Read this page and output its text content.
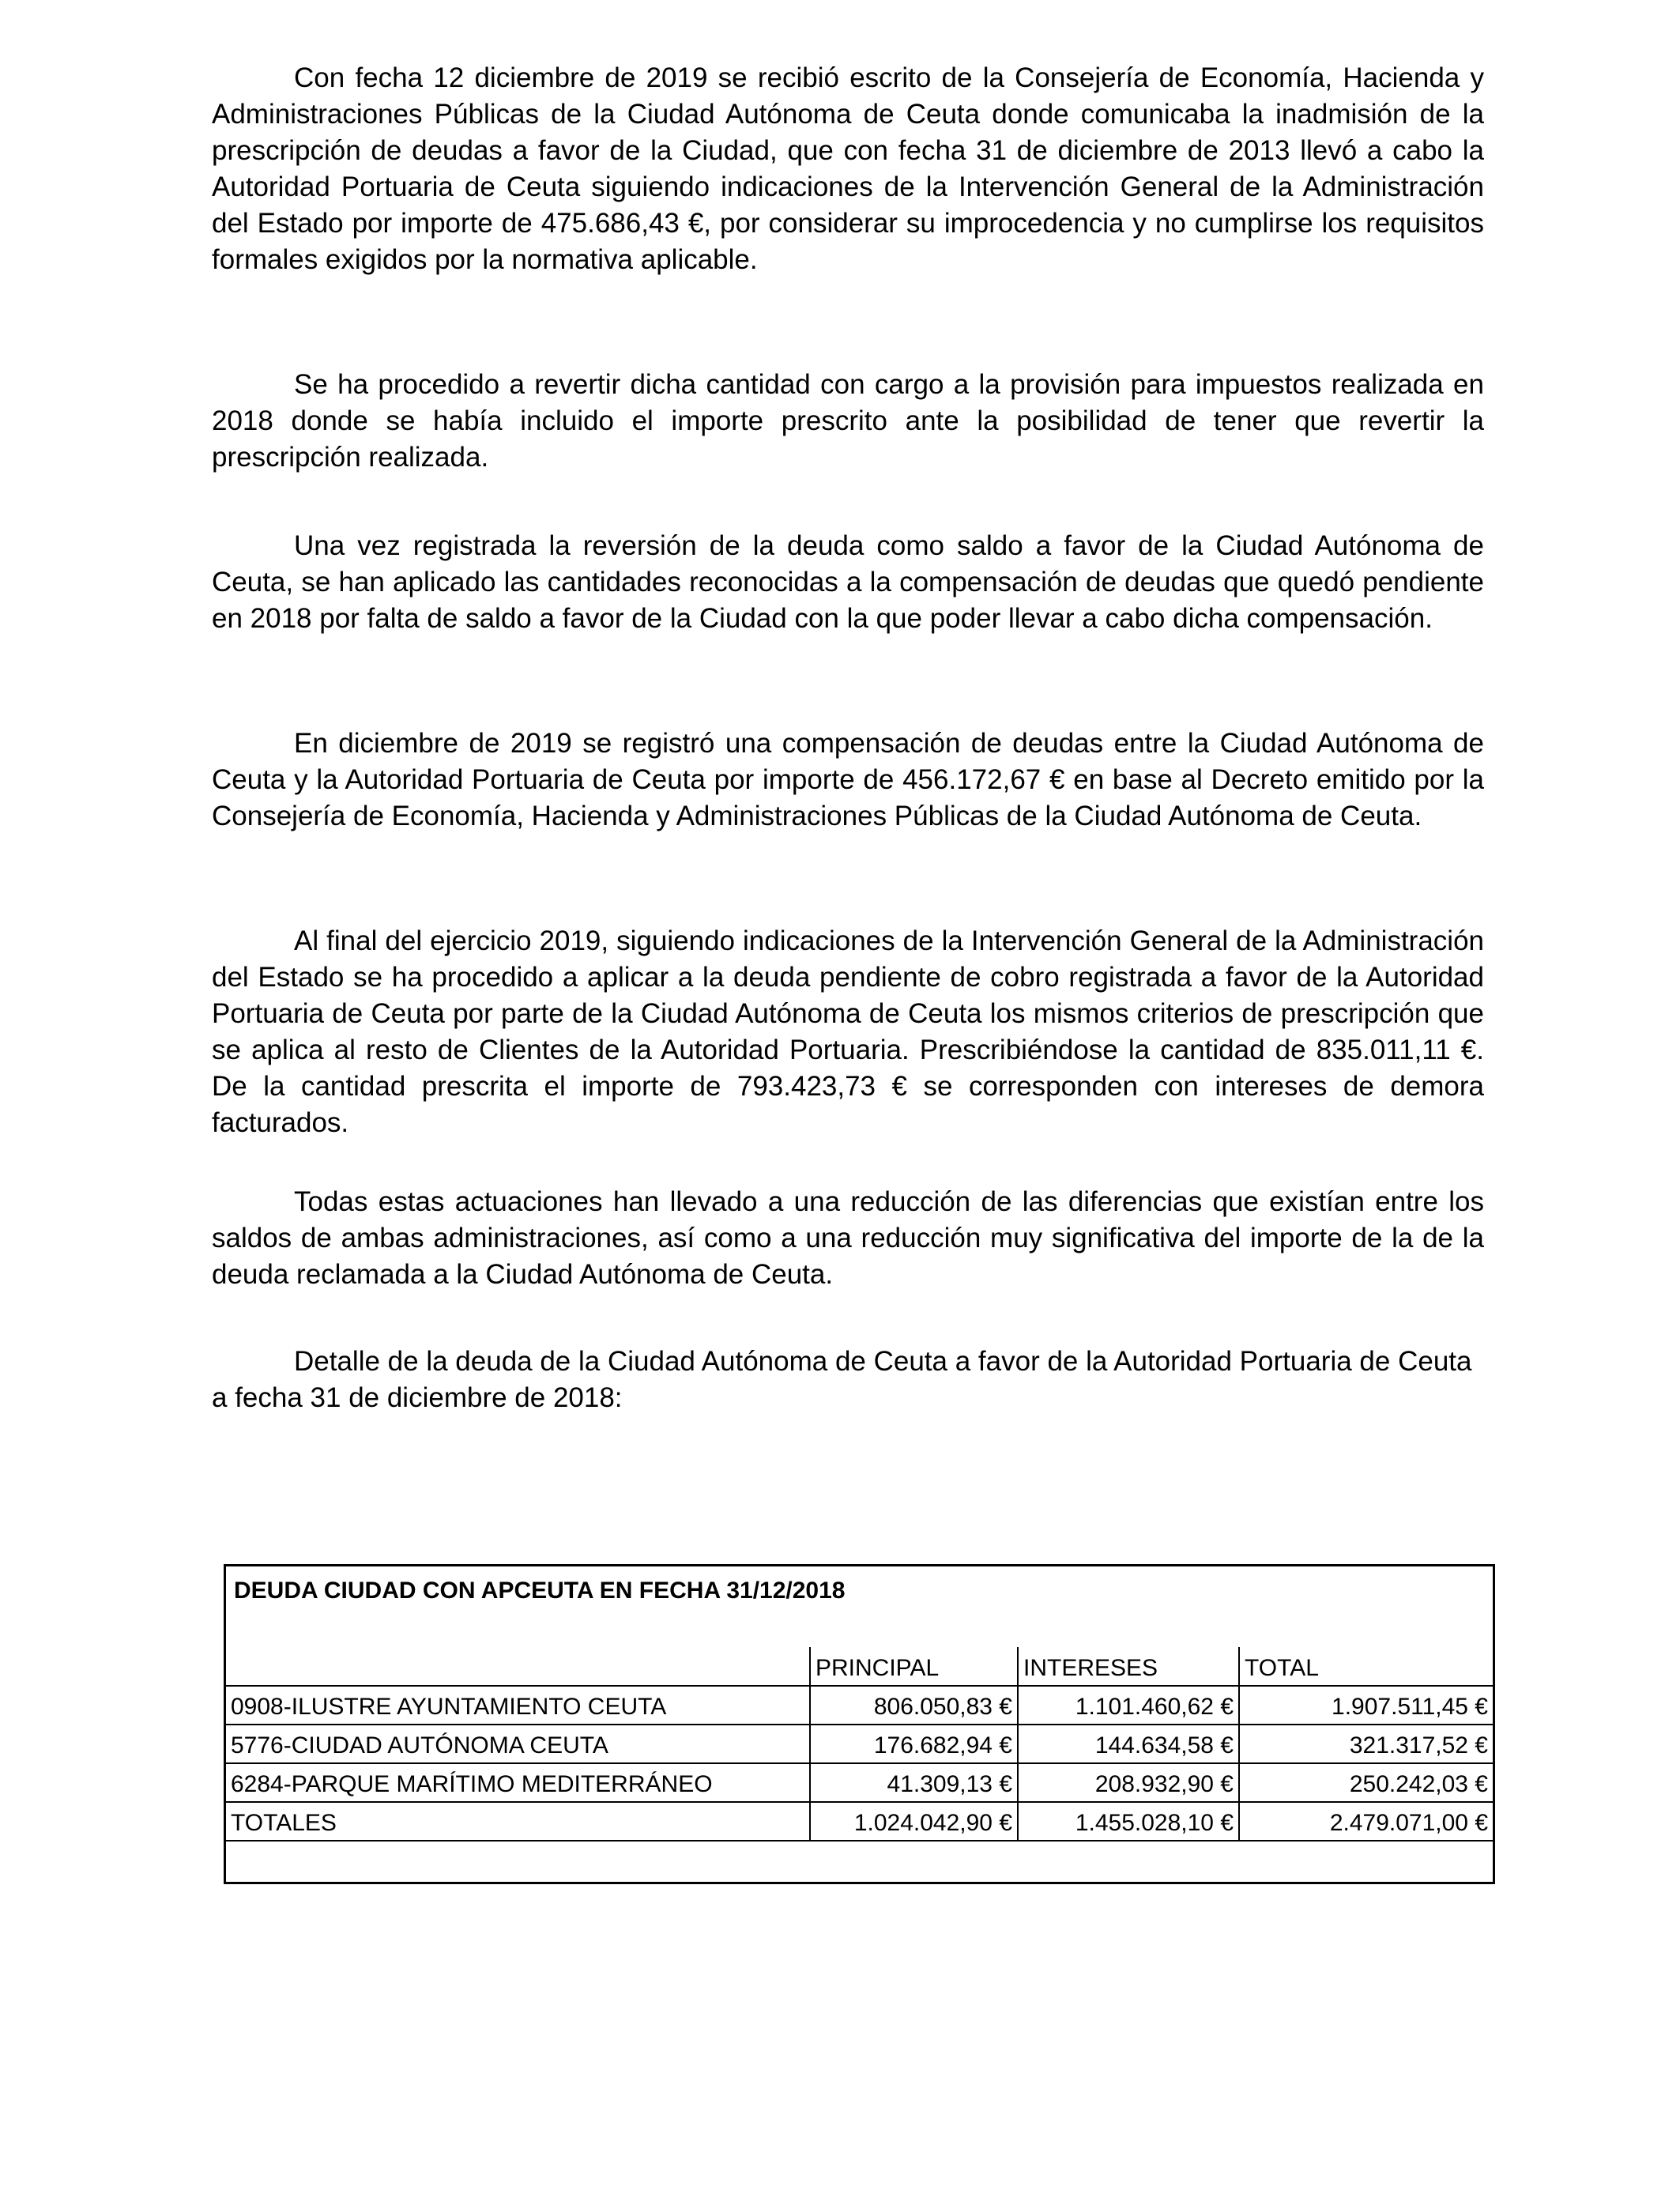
Con fecha 12 diciembre de 2019 se recibió escrito de la Consejería de Economía, Hacienda y Administraciones Públicas de la Ciudad Autónoma de Ceuta donde comunicaba la inadmisión de la prescripción de deudas a favor de la Ciudad, que con fecha 31 de diciembre de 2013 llevó a cabo la Autoridad Portuaria de Ceuta siguiendo indicaciones de la Intervención General de la Administración del Estado por importe de 475.686,43 €, por considerar su improcedencia y no cumplirse los requisitos formales exigidos por la normativa aplicable.

Se ha procedido a revertir dicha cantidad con cargo a la provisión para impuestos realizada en 2018 donde se había incluido el importe prescrito ante la posibilidad de tener que revertir la prescripción realizada.

Una vez registrada la reversión de la deuda como saldo a favor de la Ciudad Autónoma de Ceuta, se han aplicado las cantidades reconocidas a la compensación de deudas que quedó pendiente en 2018 por falta de saldo a favor de la Ciudad con la que poder llevar a cabo dicha compensación.

En diciembre de 2019 se registró una compensación de deudas entre la Ciudad Autónoma de Ceuta y la Autoridad Portuaria de Ceuta por importe de 456.172,67 € en base al Decreto emitido por la Consejería de Economía, Hacienda y Administraciones Públicas de la Ciudad Autónoma de Ceuta.

Al final del ejercicio 2019, siguiendo indicaciones de la Intervención General de la Administración del Estado se ha procedido a aplicar a la deuda pendiente de cobro registrada a favor de la Autoridad Portuaria de Ceuta por parte de la Ciudad Autónoma de Ceuta los mismos criterios de prescripción que se aplica al resto de Clientes de la Autoridad Portuaria. Prescribiéndose la cantidad de 835.011,11 €. De la cantidad prescrita el importe de 793.423,73 € se corresponden con intereses de demora facturados.

Todas estas actuaciones han llevado a una reducción de las diferencias que existían entre los saldos de ambas administraciones, así como a una reducción muy significativa del importe de la de la deuda reclamada a la Ciudad Autónoma de Ceuta.

Detalle de la deuda de la Ciudad Autónoma de Ceuta a favor de la Autoridad Portuaria de Ceuta a fecha 31 de diciembre de 2018:

DEUDA CIUDAD CON APCEUTA EN FECHA 31/12/2018
	PRINCIPAL	INTERESES	TOTAL
0908-ILUSTRE AYUNTAMIENTO CEUTA	806.050,83 €	1.101.460,62 €	1.907.511,45 €
5776-CIUDAD AUTÓNOMA CEUTA	176.682,94 €	144.634,58 €	321.317,52 €
6284-PARQUE MARÍTIMO MEDITERRÁNEO	41.309,13 €	208.932,90 €	250.242,03 €
TOTALES	1.024.042,90 €	1.455.028,10 €	2.479.071,00 €
